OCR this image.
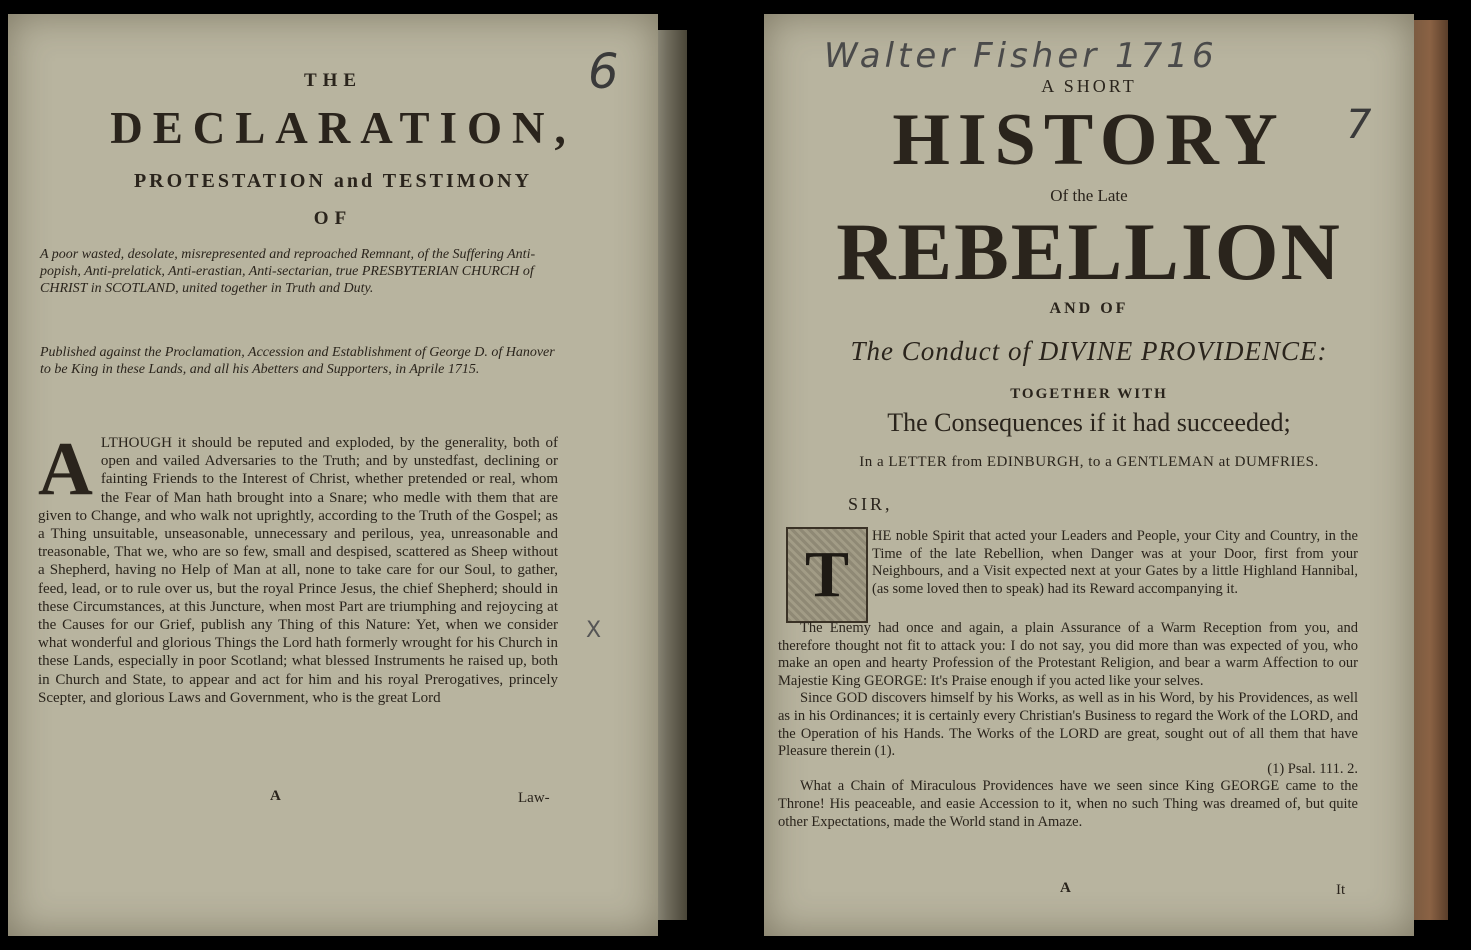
6
THE
DECLARATION,
PROTESTATION and TESTIMONY
OF
A poor wasted, desolate, misrepresented and reproached Remnant, of the Suffering Anti-popish, Anti-prelatick, Anti-erastian, Anti-sectarian, true PRESBYTERIAN CHURCH of CHRIST in SCOTLAND, united together in Truth and Duty.
Published against the Proclamation, Accession and Establishment of George D. of Hanover to be King in these Lands, and all his Abetters and Supporters, in Aprile 1715.
ALTHOUGH it should be reputed and exploded, by the generality, both of open and vailed Adversaries to the Truth; and by unstedfast, declining or fainting Friends to the Interest of Christ, whether pretended or real, whom the Fear of Man hath brought into a Snare; who medle with them that are given to Change, and who walk not uprightly, according to the Truth of the Gospel; as a Thing unsuitable, unseasonable, unnecessary and perilous, yea, unreasonable and treasonable, That we, who are so few, small and despised, scattered as Sheep without a Shepherd, having no Help of Man at all, none to take care for our Soul, to gather, feed, lead, or to rule over us, but the royal Prince Jesus, the chief Shepherd; should in these Circumstances, at this Juncture, when most Part are triumphing and rejoycing at the Causes for our Grief, publish any Thing of this Nature: Yet, when we consider what wonderful and glorious Things the Lord hath formerly wrought for his Church in these Lands, especially in poor Scotland; what blessed Instruments he raised up, both in Church and State, to appear and act for him and his royal Prerogatives, princely Scepter, and glorious Laws and Government, who is the great Lord
X
A	Law-
Walter Fisher 1716
7
A SHORT
HISTORY
Of the Late
REBELLION
AND OF
The Conduct of DIVINE PROVIDENCE:
TOGETHER WITH
The Consequences if it had succeeded;
In a LETTER from EDINBURGH, to a GENTLEMAN at DUMFRIES.
SIR,
T
HE noble Spirit that acted your Leaders and People, your City and Country, in the Time of the late Rebellion, when Danger was at your Door, first from your Neighbours, and a Visit expected next at your Gates by a little Highland Hannibal, (as some loved then to speak) had its Reward accompanying it.

The Enemy had once and again, a plain Assurance of a Warm Reception from you, and therefore thought not fit to attack you: I do not say, you did more than was expected of you, who make an open and hearty Profession of the Protestant Religion, and bear a warm Affection to our Majestie King GEORGE: It's Praise enough if you acted like your selves.

Since GOD discovers himself by his Works, as well as in his Word, by his Providences, as well as in his Ordinances; it is certainly every Christian's Business to regard the Work of the LORD, and the Operation of his Hands. The Works of the LORD are great, sought out of all them that have Pleasure therein (1).

(1) Psal. 111. 2.

What a Chain of Miraculous Providences have we seen since King GEORGE came to the Throne! His peaceable, and easie Accession to it, when no such Thing was dreamed of, but quite other Expectations, made the World stand in Amaze.

A	It
